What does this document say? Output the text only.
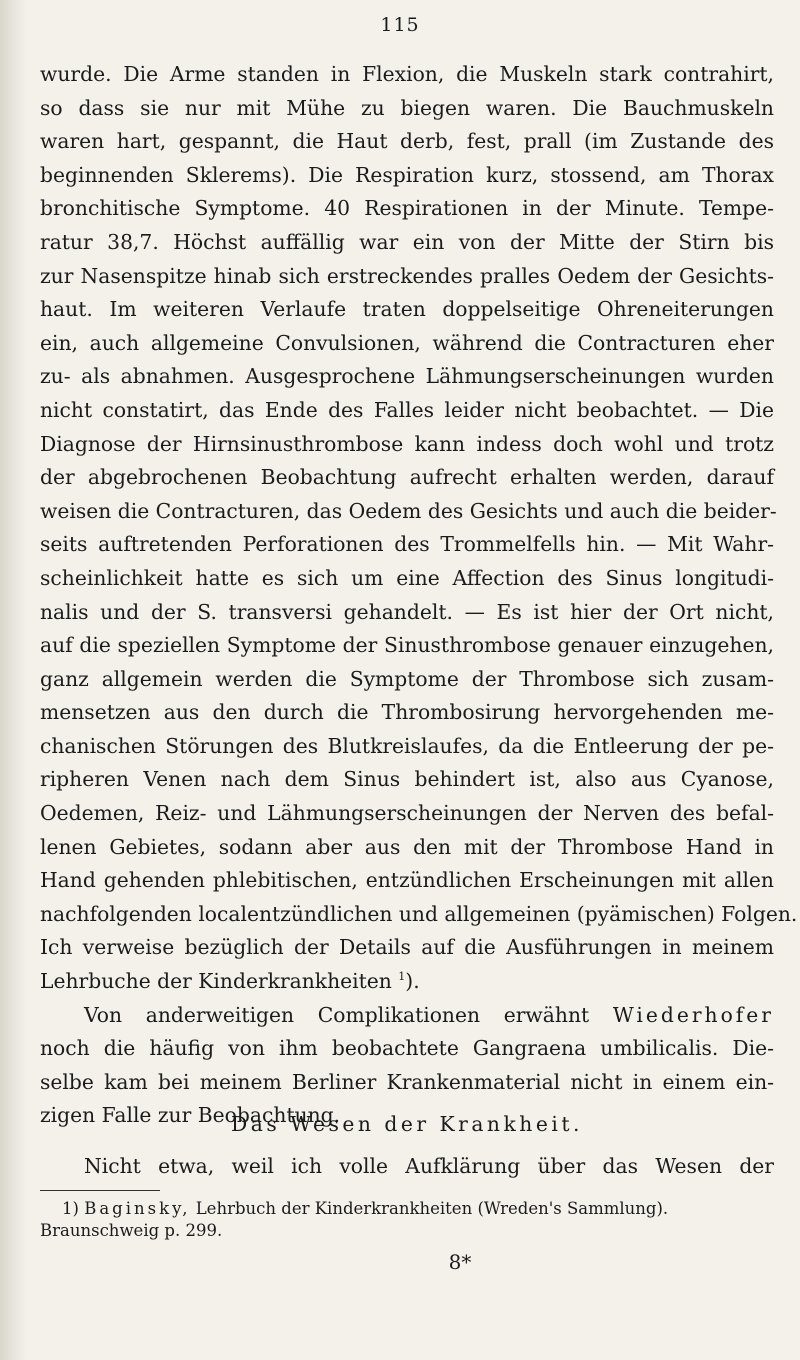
115
wurde. Die Arme standen in Flexion, die Muskeln stark contrahirt,
so dass sie nur mit Mühe zu biegen waren. Die Bauchmuskeln
waren hart, gespannt, die Haut derb, fest, prall (im Zustande des
beginnenden Sklerems). Die Respiration kurz, stossend, am Thorax
bronchitische Symptome. 40 Respirationen in der Minute. Tempe-
ratur 38,7. Höchst auffällig war ein von der Mitte der Stirn bis
zur Nasenspitze hinab sich erstreckendes pralles Oedem der Gesichts-
haut. Im weiteren Verlaufe traten doppelseitige Ohreneiterungen
ein, auch allgemeine Convulsionen, während die Contracturen eher
zu- als abnahmen. Ausgesprochene Lähmungserscheinungen wurden
nicht constatirt, das Ende des Falles leider nicht beobachtet. — Die
Diagnose der Hirnsinusthrombose kann indess doch wohl und trotz
der abgebrochenen Beobachtung aufrecht erhalten werden, darauf
weisen die Contracturen, das Oedem des Gesichts und auch die beider-
seits auftretenden Perforationen des Trommelfells hin. — Mit Wahr-
scheinlichkeit hatte es sich um eine Affection des Sinus longitudi-
nalis und der S. transversi gehandelt. — Es ist hier der Ort nicht,
auf die speziellen Symptome der Sinusthrombose genauer einzugehen,
ganz allgemein werden die Symptome der Thrombose sich zusam-
mensetzen aus den durch die Thrombosirung hervorgehenden me-
chanischen Störungen des Blutkreislaufes, da die Entleerung der pe-
ripheren Venen nach dem Sinus behindert ist, also aus Cyanose,
Oedemen, Reiz- und Lähmungserscheinungen der Nerven des befal-
lenen Gebietes, sodann aber aus den mit der Thrombose Hand in
Hand gehenden phlebitischen, entzündlichen Erscheinungen mit allen
nachfolgenden localentzündlichen und allgemeinen (pyämischen) Folgen.
Ich verweise bezüglich der Details auf die Ausführungen in meinem
Lehrbuche der Kinderkrankheiten $^1$).
Von anderweitigen Complikationen erwähnt Wiederhofer
noch die häufig von ihm beobachtete Gangraena umbilicalis. Die-
selbe kam bei meinem Berliner Krankenmaterial nicht in einem ein-
zigen Falle zur Beobachtung.
Das Wesen der Krankheit.
Nicht etwa, weil ich volle Aufklärung über das Wesen der
1) Baginsky, Lehrbuch der Kinderkrankheiten (Wreden's Sammlung).
Braunschweig p. 299.
8*
